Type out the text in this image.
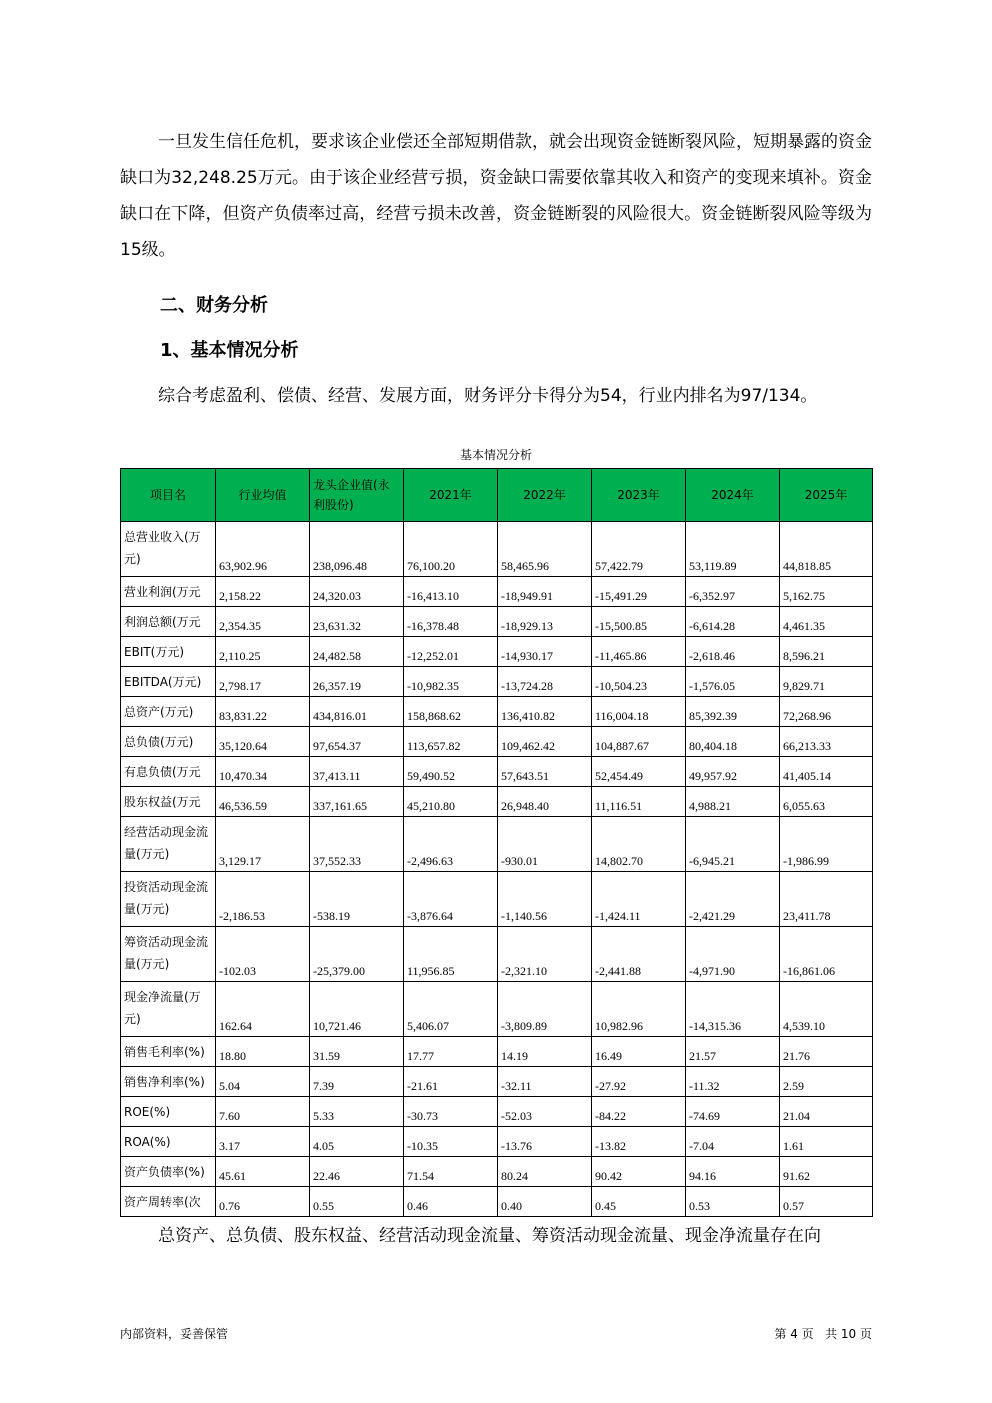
一旦发生信任危机，要求该企业偿还全部短期借款，就会出现资金链断裂风险，短期暴露的资金缺口为32,248.25万元。由于该企业经营亏损，资金缺口需要依靠其收入和资产的变现来填补。资金缺口在下降，但资产负债率过高，经营亏损未改善，资金链断裂的风险很大。资金链断裂风险等级为15级。
二、财务分析
1、基本情况分析
综合考虑盈利、偿债、经营、发展方面，财务评分卡得分为54，行业内排名为97/134。
基本情况分析
项目名	行业均值	龙头企业值(永利股份)	2021年	2022年	2023年	2024年	2025年
总营业收入(万元)	63,902.96	238,096.48	76,100.20	58,465.96	57,422.79	53,119.89	44,818.85
营业利润(万元	2,158.22	24,320.03	-16,413.10	-18,949.91	-15,491.29	-6,352.97	5,162.75
利润总额(万元	2,354.35	23,631.32	-16,378.48	-18,929.13	-15,500.85	-6,614.28	4,461.35
EBIT(万元)	2,110.25	24,482.58	-12,252.01	-14,930.17	-11,465.86	-2,618.46	8,596.21
EBITDA(万元)	2,798.17	26,357.19	-10,982.35	-13,724.28	-10,504.23	-1,576.05	9,829.71
总资产(万元)	83,831.22	434,816.01	158,868.62	136,410.82	116,004.18	85,392.39	72,268.96
总负债(万元)	35,120.64	97,654.37	113,657.82	109,462.42	104,887.67	80,404.18	66,213.33
有息负债(万元	10,470.34	37,413.11	59,490.52	57,643.51	52,454.49	49,957.92	41,405.14
股东权益(万元	46,536.59	337,161.65	45,210.80	26,948.40	11,116.51	4,988.21	6,055.63
经营活动现金流量(万元)	3,129.17	37,552.33	-2,496.63	-930.01	14,802.70	-6,945.21	-1,986.99
投资活动现金流量(万元)	-2,186.53	-538.19	-3,876.64	-1,140.56	-1,424.11	-2,421.29	23,411.78
筹资活动现金流量(万元)	-102.03	-25,379.00	11,956.85	-2,321.10	-2,441.88	-4,971.90	-16,861.06
现金净流量(万元)	162.64	10,721.46	5,406.07	-3,809.89	10,982.96	-14,315.36	4,539.10
销售毛利率(%)	18.80	31.59	17.77	14.19	16.49	21.57	21.76
销售净利率(%)	5.04	7.39	-21.61	-32.11	-27.92	-11.32	2.59
ROE(%)	7.60	5.33	-30.73	-52.03	-84.22	-74.69	21.04
ROA(%)	3.17	4.05	-10.35	-13.76	-13.82	-7.04	1.61
资产负债率(%)	45.61	22.46	71.54	80.24	90.42	94.16	91.62
资产周转率(次	0.76	0.55	0.46	0.40	0.45	0.53	0.57
总资产、总负债、股东权益、经营活动现金流量、筹资活动现金流量、现金净流量存在向
内部资料，妥善保管	第 4 页   共 10 页
